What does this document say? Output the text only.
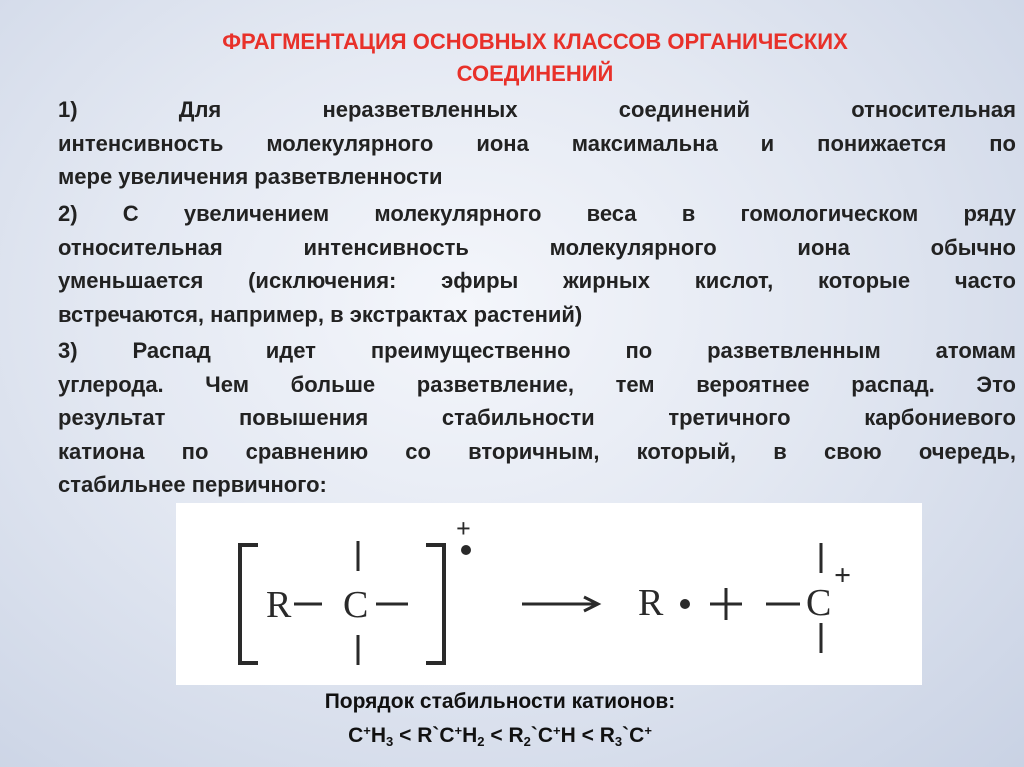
ФРАГМЕНТАЦИЯ ОСНОВНЫХ КЛАССОВ ОРГАНИЧЕСКИХ
СОЕДИНЕНИЙ
1) Для неразветвленных соединений относительная
интенсивность молекулярного иона максимальна и понижается по
мере увеличения разветвленности
2) С увеличением молекулярного веса в гомологическом ряду
относительная интенсивность молекулярного иона обычно
уменьшается (исключения: эфиры жирных кислот, которые часто
встречаются, например, в экстрактах растений)
3) Распад идет преимущественно по разветвленным атомам
углерода. Чем больше разветвление, тем вероятнее распад. Это
результат повышения стабильности третичного карбониевого
катиона по сравнению со вторичным, который, в свою очередь,
стабильнее первичного:
R C
+
R	C
+
Порядок стабильности катионов:
$C^+H_3$ < $R`C^+H_2$ < $R_2`C^+H$ < $R_3`C^+$
